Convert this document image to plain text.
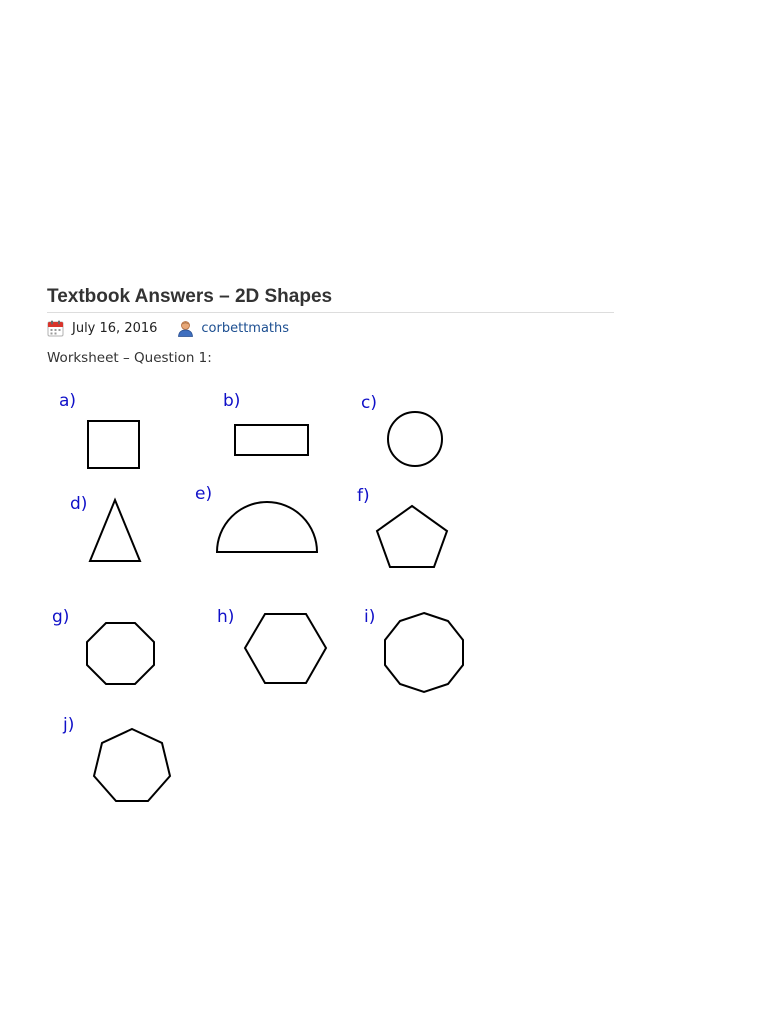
Textbook Answers – 2D Shapes
July 16, 2016	corbettmaths
Worksheet – Question 1:
a)	b)	c)
d)	e)	f)
g)	h)	i)
j)
